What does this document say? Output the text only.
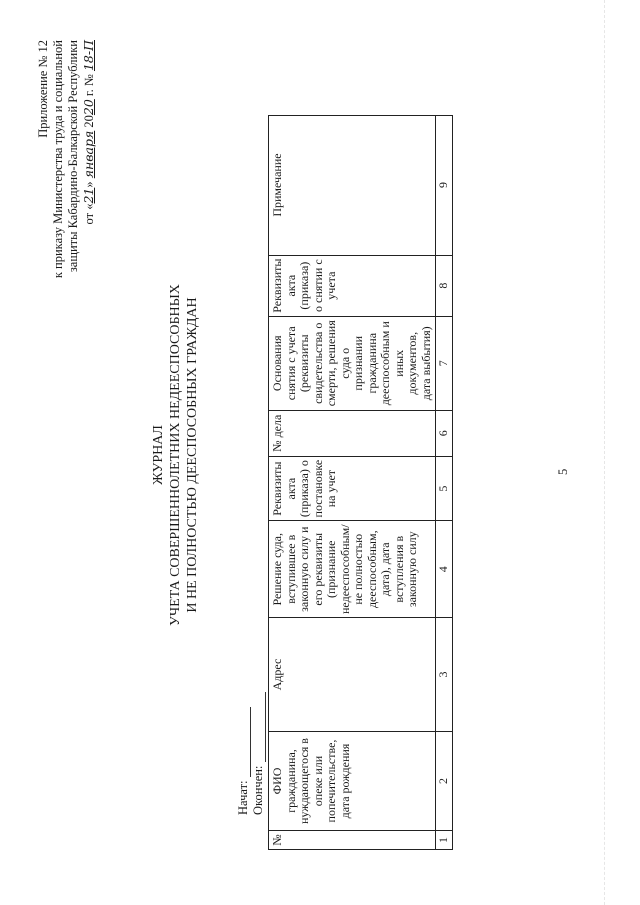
Приложение № 12 к приказу Министерства труда и социальной защиты Кабардино-Балкарской Республики от «21» января 2020 г. № 18-П
ЖУРНАЛ УЧЕТА СОВЕРШЕННОЛЕТНИХ НЕДЕЕСПОСОБНЫХ И НЕ ПОЛНОСТЬЮ ДЕЕСПОСОБНЫХ ГРАЖДАН
Начат: Окончен:
№	ФИО гражданина, нуждающегося в опеке или попечительстве, дата рождения	Адрес	Решение суда, вступившее в законную силу и его реквизиты (признание недееспособным/не полностью дееспособным, дата), дата вступления в законную силу	Реквизиты акта (приказа) о постановке на учет	№ дела	Основания снятия с учета (реквизиты свидетельства о смерти, решения суда о признании гражданина дееспособным и иных документов, дата выбытия)	Реквизиты акта (приказа) о снятии с учета	Примечание
1	2	3	4	5	6	7	8	9
5
